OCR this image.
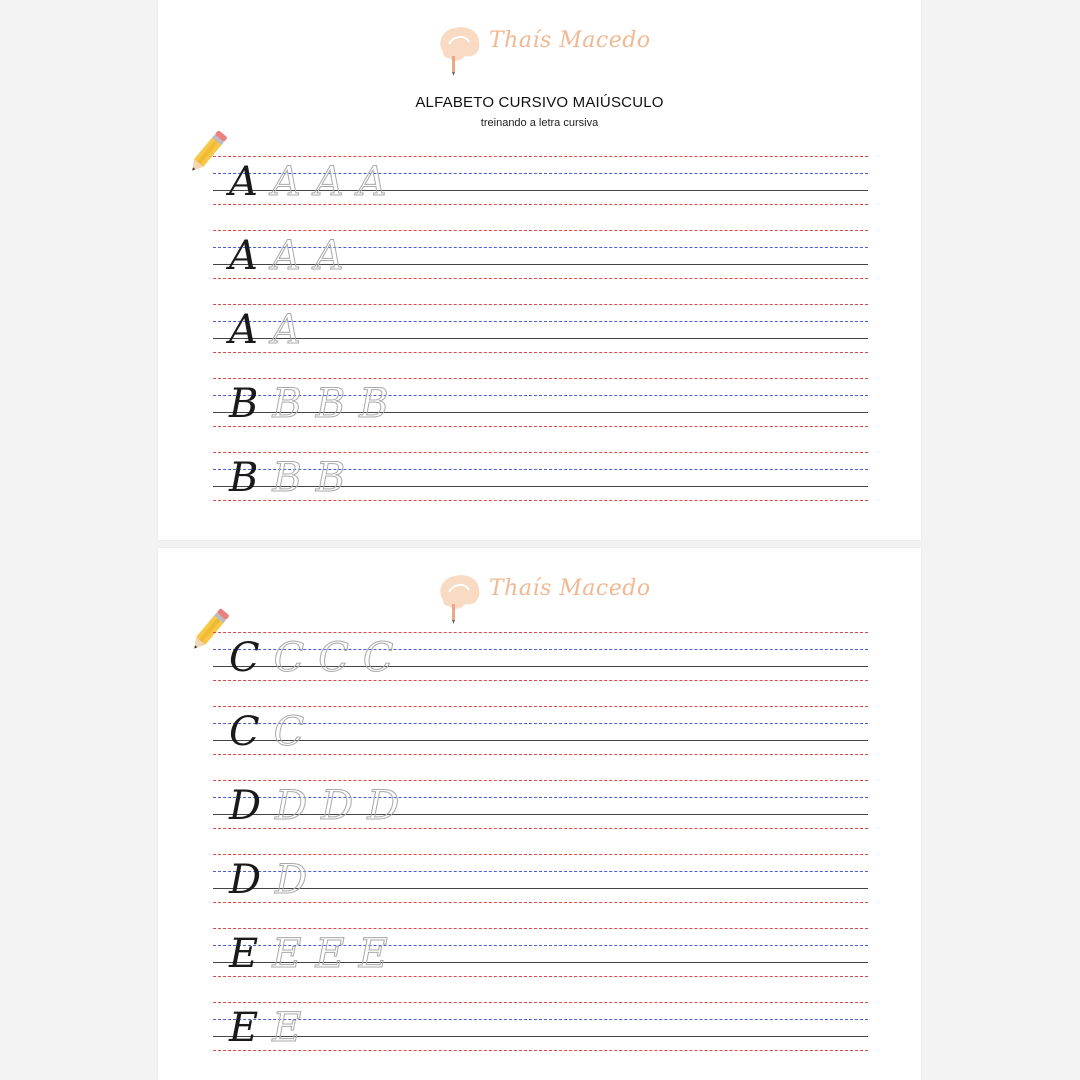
Thaís Macedo
ALFABETO CURSIVO MAIÚSCULO
treinando a letra cursiva
A A A A
A A A
A A
B B B B
B B B
Thaís Macedo
C C C C
C C
D D D D
D D
E E E E
E E
